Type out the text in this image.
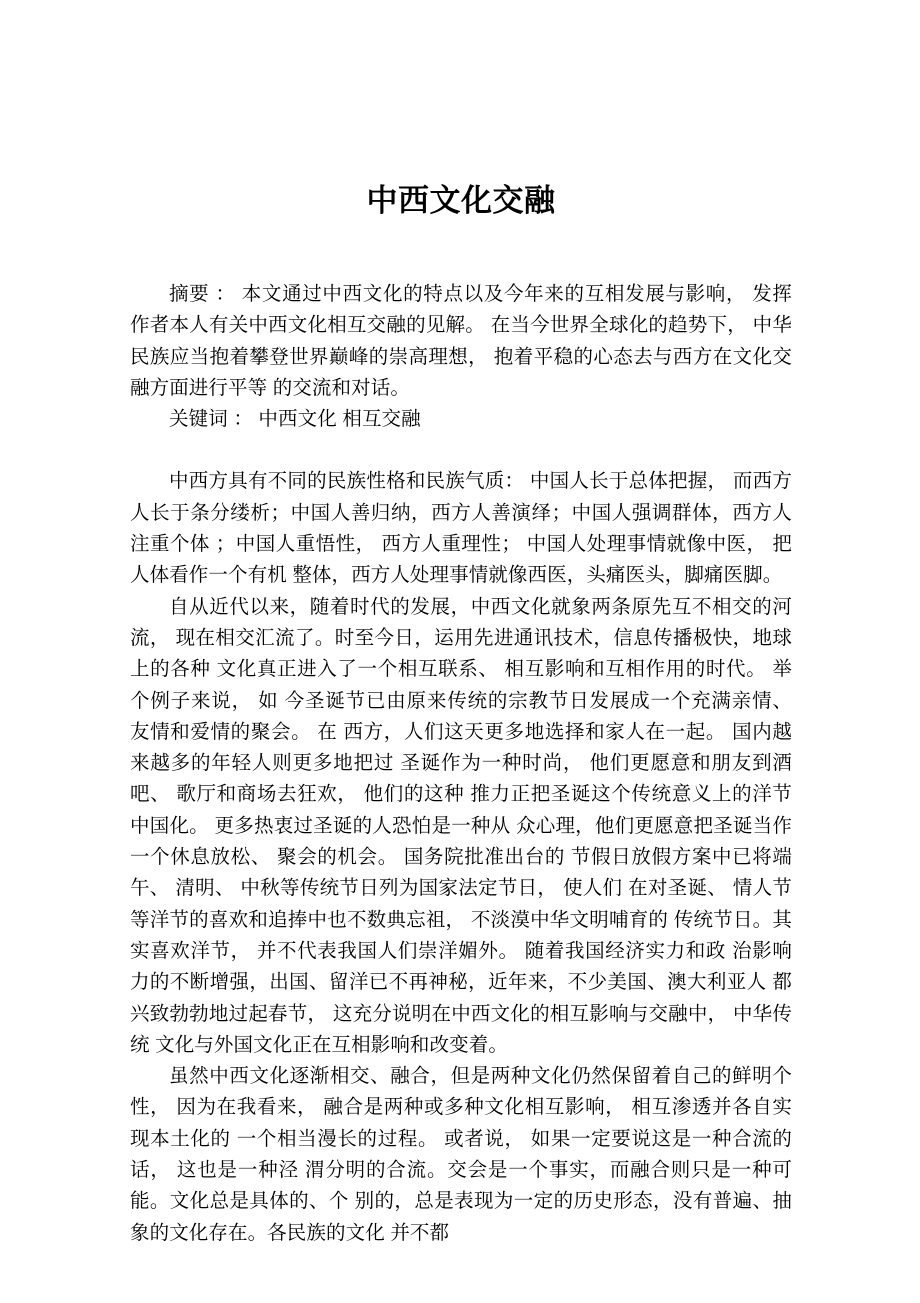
中西文化交融

摘要 ： 本文通过中西文化的特点以及今年来的互相发展与影响， 发挥作者本人有关中西文化相互交融的见解。 在当今世界全球化的趋势下， 中华民族应当抱着攀登世界巅峰的崇高理想， 抱着平稳的心态去与西方在文化交融方面进行平等 的交流和对话。

关键词 ： 中西文化 相互交融

中西方具有不同的民族性格和民族气质： 中国人长于总体把握， 而西方人长于条分缕析；中国人善归纳，西方人善演绎；中国人强调群体，西方人注重个体 ；中国人重悟性， 西方人重理性； 中国人处理事情就像中医， 把人体看作一个有机 整体，西方人处理事情就像西医，头痛医头，脚痛医脚。

自从近代以来，随着时代的发展，中西文化就象两条原先互不相交的河流， 现在相交汇流了。时至今日，运用先进通讯技术，信息传播极快，地球上的各种 文化真正进入了一个相互联系、 相互影响和互相作用的时代。 举个例子来说， 如 今圣诞节已由原来传统的宗教节日发展成一个充满亲情、 友情和爱情的聚会。 在 西方，人们这天更多地选择和家人在一起。 国内越来越多的年轻人则更多地把过 圣诞作为一种时尚， 他们更愿意和朋友到酒吧、 歌厅和商场去狂欢， 他们的这种 推力正把圣诞这个传统意义上的洋节中国化。 更多热衷过圣诞的人恐怕是一种从 众心理，他们更愿意把圣诞当作一个休息放松、 聚会的机会。 国务院批准出台的 节假日放假方案中已将端午、 清明、 中秋等传统节日列为国家法定节日， 使人们 在对圣诞、 情人节等洋节的喜欢和追捧中也不数典忘祖， 不淡漠中华文明哺育的 传统节日。其实喜欢洋节， 并不代表我国人们崇洋媚外。 随着我国经济实力和政 治影响力的不断增强，出国、留洋已不再神秘，近年来，不少美国、澳大利亚人 都兴致勃勃地过起春节， 这充分说明在中西文化的相互影响与交融中， 中华传统 文化与外国文化正在互相影响和改变着。

虽然中西文化逐渐相交、融合，但是两种文化仍然保留着自己的鲜明个性， 因为在我看来， 融合是两种或多种文化相互影响， 相互渗透并各自实现本土化的 一个相当漫长的过程。 或者说， 如果一定要说这是一种合流的话， 这也是一种泾 渭分明的合流。交会是一个事实，而融合则只是一种可能。文化总是具体的、个 别的，总是表现为一定的历史形态，没有普遍、抽象的文化存在。各民族的文化 并不都
